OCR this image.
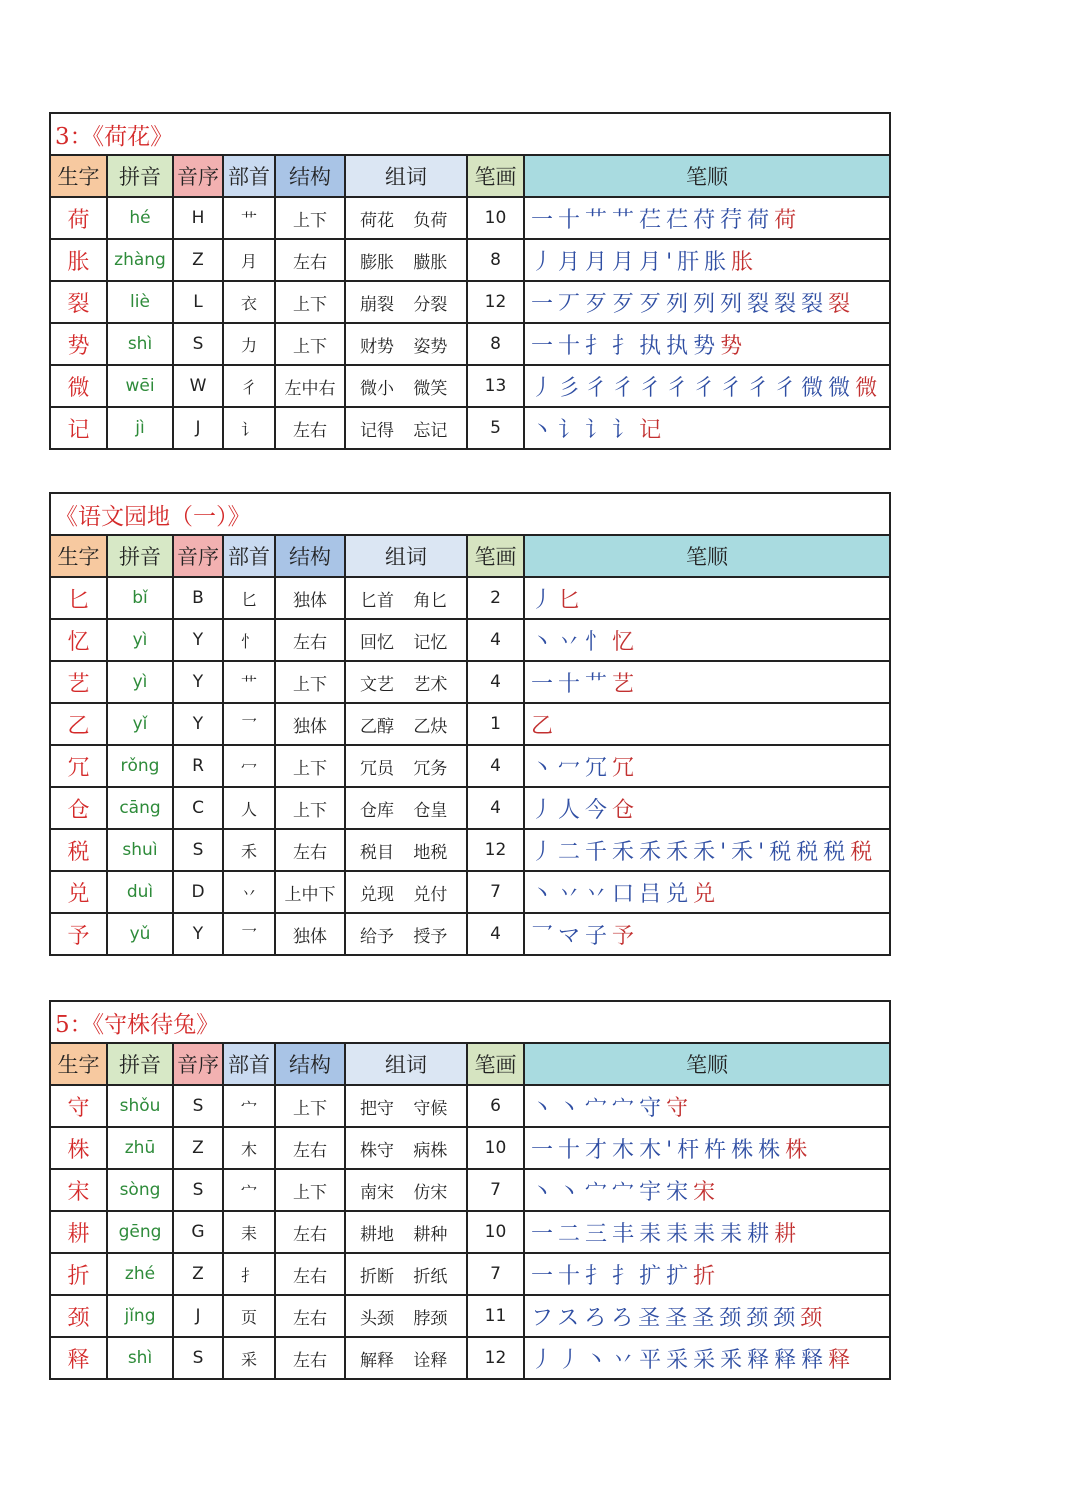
3：《荷花》							
生字	拼音	音序	部首	结构	组词	笔画	笔顺
荷	hé	H	艹	上下	荷花 负荷	10	一十艹艹芢芢苻荇荷荷
胀	zhàng	Z	月	左右	膨胀 臌胀	8	丿月月月月'肝胀胀
裂	liè	L	衣	上下	崩裂 分裂	12	一丆歹歹歹列列列裂裂裂裂
势	shì	S	力	上下	财势 姿势	8	一十扌扌执执势势
微	wēi	W	彳	左中右	微小 微笑	13	丿彡彳彳彳彳彳彳彳彳微微微
记	jì	J	讠	左右	记得 忘记	5	丶讠讠讠记
《语文园地（一）》							
生字	拼音	音序	部首	结构	组词	笔画	笔顺
匕	bǐ	B	匕	独体	匕首 角匕	2	丿匕
忆	yì	Y	忄	左右	回忆 记忆	4	丶丷忄忆
艺	yì	Y	艹	上下	文艺 艺术	4	一十艹艺
乙	yǐ	Y	乛	独体	乙醇 乙炔	1	乙
冗	rǒng	R	冖	上下	冗员 冗务	4	丶冖冗冗
仓	cāng	C	人	上下	仓库 仓皇	4	丿人今仓
税	shuì	S	禾	左右	税目 地税	12	丿二千禾禾禾禾'禾'税税税税
兑	duì	D	丷	上中下	兑现 兑付	7	丶丷丷口吕兑兑
予	yǔ	Y	乛	独体	给予 授予	4	乛マ子予
5：《守株待兔》							
生字	拼音	音序	部首	结构	组词	笔画	笔顺
守	shǒu	S	宀	上下	把守 守候	6	丶丶宀宀守守
株	zhū	Z	木	左右	株守 病株	10	一十才木木'杆杵株株株
宋	sòng	S	宀	上下	南宋 仿宋	7	丶丶宀宀宇宋宋
耕	gēng	G	耒	左右	耕地 耕种	10	一二三丰耒耒耒耒耕耕
折	zhé	Z	扌	左右	折断 折纸	7	一十扌扌扩扩折
颈	jǐng	J	页	左右	头颈 脖颈	11	フスろろ圣圣圣颈颈颈颈
释	shì	S	采	左右	解释 诠释	12	丿丿丶丷平采采釆释释释释
